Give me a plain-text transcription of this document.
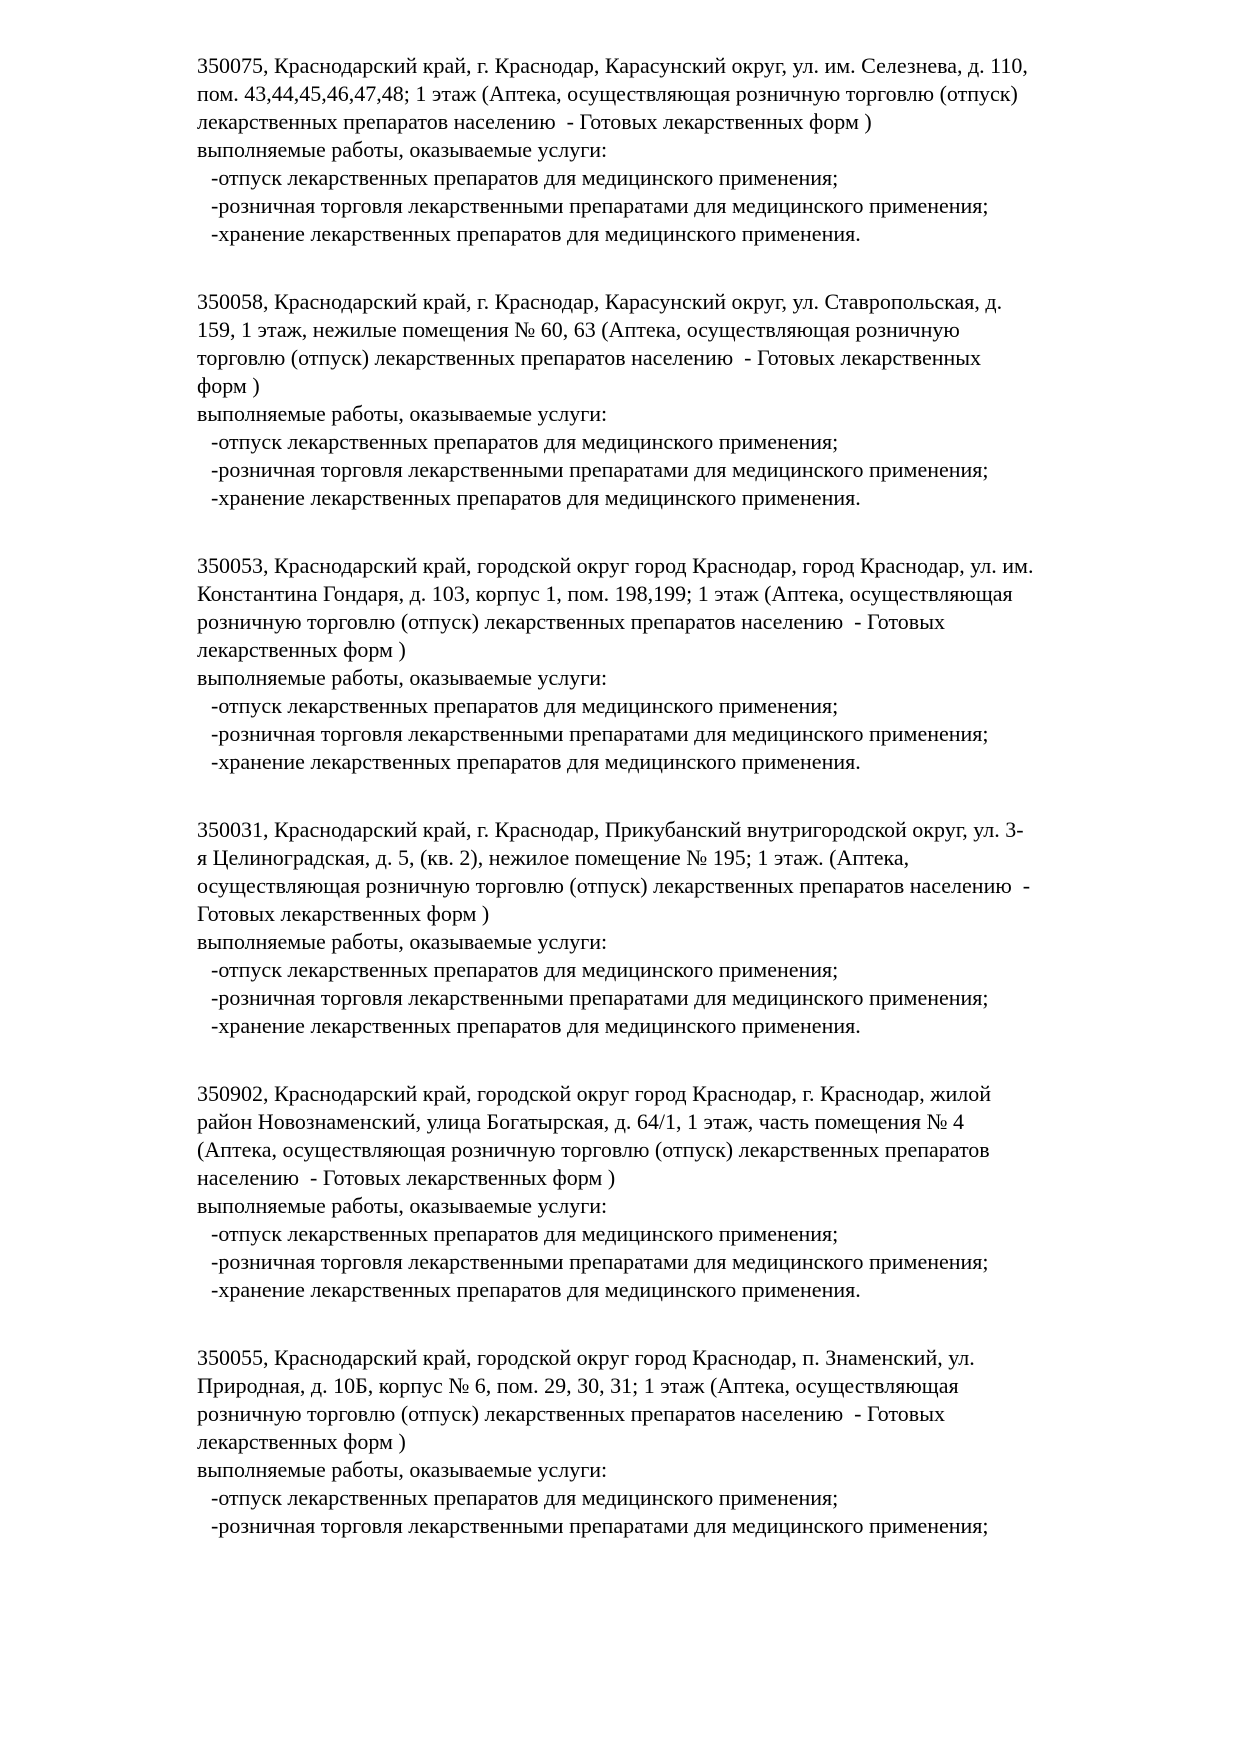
350075, Краснодарский край, г. Краснодар, Карасунский округ, ул. им. Селезнева, д. 110,
пом. 43,44,45,46,47,48; 1 этаж (Аптека, осуществляющая розничную торговлю (отпуск)
лекарственных препаратов населению  - Готовых лекарственных форм )
выполняемые работы, оказываемые услуги:
-отпуск лекарственных препаратов для медицинского применения;
-розничная торговля лекарственными препаратами для медицинского применения;
-хранение лекарственных препаратов для медицинского применения.
350058, Краснодарский край, г. Краснодар, Карасунский округ, ул. Ставропольская, д.
159, 1 этаж, нежилые помещения № 60, 63 (Аптека, осуществляющая розничную
торговлю (отпуск) лекарственных препаратов населению  - Готовых лекарственных
форм )
выполняемые работы, оказываемые услуги:
-отпуск лекарственных препаратов для медицинского применения;
-розничная торговля лекарственными препаратами для медицинского применения;
-хранение лекарственных препаратов для медицинского применения.
350053, Краснодарский край, городской округ город Краснодар, город Краснодар, ул. им.
Константина Гондаря, д. 103, корпус 1, пом. 198,199; 1 этаж (Аптека, осуществляющая
розничную торговлю (отпуск) лекарственных препаратов населению  - Готовых
лекарственных форм )
выполняемые работы, оказываемые услуги:
-отпуск лекарственных препаратов для медицинского применения;
-розничная торговля лекарственными препаратами для медицинского применения;
-хранение лекарственных препаратов для медицинского применения.
350031, Краснодарский край, г. Краснодар, Прикубанский внутригородской округ, ул. 3-
я Целиноградская, д. 5, (кв. 2), нежилое помещение № 195; 1 этаж. (Аптека,
осуществляющая розничную торговлю (отпуск) лекарственных препаратов населению  -
Готовых лекарственных форм )
выполняемые работы, оказываемые услуги:
-отпуск лекарственных препаратов для медицинского применения;
-розничная торговля лекарственными препаратами для медицинского применения;
-хранение лекарственных препаратов для медицинского применения.
350902, Краснодарский край, городской округ город Краснодар, г. Краснодар, жилой
район Новознаменский, улица Богатырская, д. 64/1, 1 этаж, часть помещения № 4
(Аптека, осуществляющая розничную торговлю (отпуск) лекарственных препаратов
населению  - Готовых лекарственных форм )
выполняемые работы, оказываемые услуги:
-отпуск лекарственных препаратов для медицинского применения;
-розничная торговля лекарственными препаратами для медицинского применения;
-хранение лекарственных препаратов для медицинского применения.
350055, Краснодарский край, городской округ город Краснодар, п. Знаменский, ул.
Природная, д. 10Б, корпус № 6, пом. 29, 30, 31; 1 этаж (Аптека, осуществляющая
розничную торговлю (отпуск) лекарственных препаратов населению  - Готовых
лекарственных форм )
выполняемые работы, оказываемые услуги:
-отпуск лекарственных препаратов для медицинского применения;
-розничная торговля лекарственными препаратами для медицинского применения;
